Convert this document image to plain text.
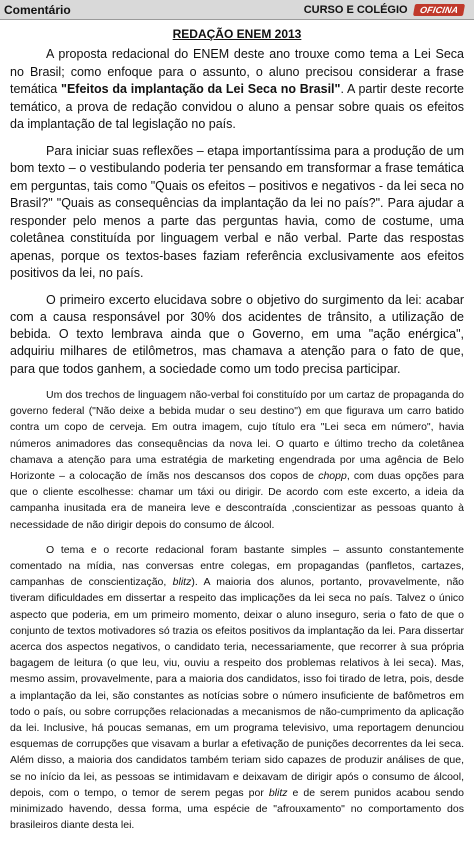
Comentário	CURSO E COLÉGIO	OFICINA
REDAÇÃO ENEM 2013

A proposta redacional do ENEM deste ano trouxe como tema a Lei Seca no Brasil; como enfoque para o assunto, o aluno precisou considerar a frase temática "Efeitos da implantação da Lei Seca no Brasil". A partir deste recorte temático, a prova de redação convidou o aluno a pensar sobre quais os efeitos da implantação de tal legislação no país.

Para iniciar suas reflexões – etapa importantíssima para a produção de um bom texto – o vestibulando poderia ter pensando em transformar a frase temática em perguntas, tais como "Quais os efeitos – positivos e negativos - da lei seca no Brasil?" "Quais as consequências da implantação da lei no país?". Para ajudar a responder pelo menos a parte das perguntas havia, como de costume, uma coletânea constituída por linguagem verbal e não verbal. Parte das respostas apenas, porque os textos-bases faziam referência exclusivamente aos efeitos positivos da lei, no país.

O primeiro excerto elucidava sobre o objetivo do surgimento da lei: acabar com a causa responsável por 30% dos acidentes de trânsito, a utilização de bebida. O texto lembrava ainda que o Governo, em uma "ação enérgica", adquiriu milhares de etilômetros, mas chamava a atenção para o fato de que, para que todos ganhem, a sociedade como um todo precisa participar.

Um dos trechos de linguagem não-verbal foi constituído por um cartaz de propaganda do governo federal ("Não deixe a bebida mudar o seu destino") em que figurava um carro batido contra um copo de cerveja. Em outra imagem, cujo título era "Lei seca em número", havia números animadores das consequências da nova lei. O quarto e último trecho da coletânea chamava a atenção para uma estratégia de marketing engendrada por uma agência de Belo Horizonte – a colocação de ímãs nos descansos dos copos de chopp, com duas opções para que o cliente escolhesse: chamar um táxi ou dirigir. De acordo com este excerto, a ideia da campanha inusitada era de maneira leve e descontraída ,conscientizar as pessoas quanto à necessidade de não dirigir depois do consumo de álcool.

O tema e o recorte redacional foram bastante simples – assunto constantemente comentado na mídia, nas conversas entre colegas, em propagandas (panfletos, cartazes, campanhas de conscientização, blitz). A maioria dos alunos, portanto, provavelmente, não tiveram dificuldades em dissertar a respeito das implicações da lei seca no país. Talvez o único aspecto que poderia, em um primeiro momento, deixar o aluno inseguro, seria o fato de que o conjunto de textos motivadores só trazia os efeitos positivos da implantação da lei. Para dissertar acerca dos aspectos negativos, o candidato teria, necessariamente, que recorrer à sua própria bagagem de leitura (o que leu, viu, ouviu a respeito dos problemas relativos à lei seca). Mas, mesmo assim, provavelmente, para a maioria dos candidatos, isso foi tirado de letra, pois, desde a implantação da lei, são constantes as notícias sobre o número insuficiente de bafômetros em todo o país, ou sobre corrupções relacionadas a mecanismos de não-cumprimento da aplicação da lei. Inclusive, há poucas semanas, em um programa televisivo, uma reportagem denunciou esquemas de corrupções que visavam a burlar a efetivação de punições decorrentes da lei seca. Além disso, a maioria dos candidatos também teriam sido capazes de produzir análises de que, se no início da lei, as pessoas se intimidavam e deixavam de dirigir após o consumo de álcool, depois, com o tempo, o temor de serem pegas por blitz e de serem punidos acabou sendo minimizado havendo, dessa forma, uma espécie de "afrouxamento" no comportamento dos brasileiros diante desta lei.
